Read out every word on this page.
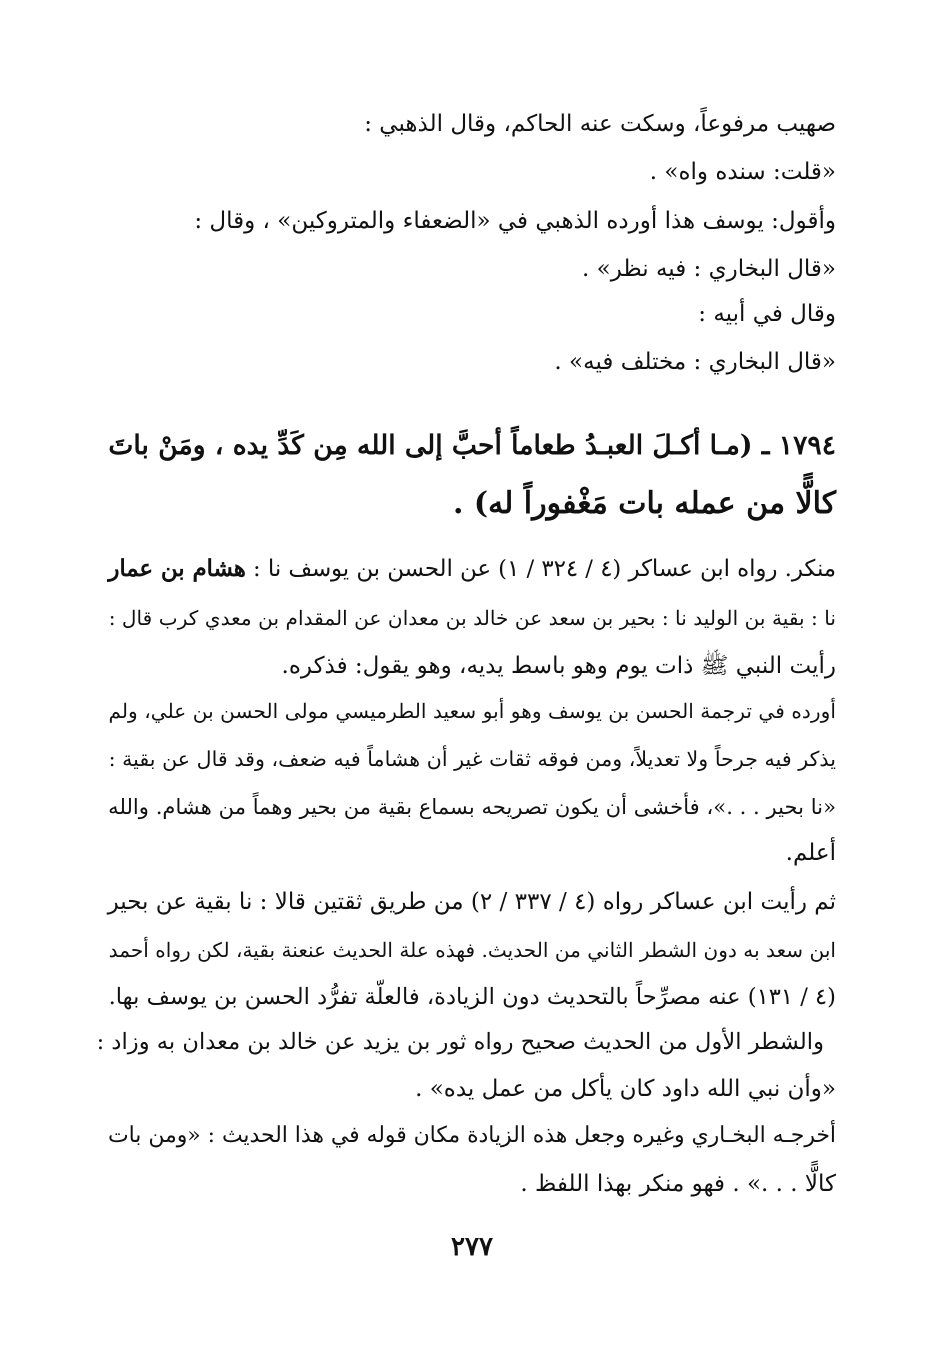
صهيب مرفوعاً، وسكت عنه الحاكم، وقال الذهبي :
«قلت: سنده واه» .
وأقول: يوسف هذا أورده الذهبي في «الضعفاء والمتروكين» ، وقال :
«قال البخاري : فيه نظر» .
وقال في أبيه :
«قال البخاري : مختلف فيه» .
١٧٩٤ ـ (مـا أكـلَ العبـدُ طعاماً أحبَّ إلى الله مِن كَدِّ يده ، ومَنْ باتَ
كالًّا من عمله بات مَغْفوراً له) .
منكر. رواه ابن عساكر (٤ / ٣٢٤ / ١) عن الحسن بن يوسف نا : هشام بن عمار
نا : بقية بن الوليد نا : بحير بن سعد عن خالد بن معدان عن المقدام بن معدي كرب قال :
رأيت النبي ﷺ ذات يوم وهو باسط يديه، وهو يقول: فذكره.
أورده في ترجمة الحسن بن يوسف وهو أبو سعيد الطرميسي مولى الحسن بن علي، ولم
يذكر فيه جرحاً ولا تعديلاً، ومن فوقه ثقات غير أن هشاماً فيه ضعف، وقد قال عن بقية :
«نا بحير . . .»، فأخشى أن يكون تصريحه بسماع بقية من بحير وهماً من هشام. والله
أعلم.
ثم رأيت ابن عساكر رواه (٤ / ٣٣٧ / ٢) من طريق ثقتين قالا : نا بقية عن بحير
ابن سعد به دون الشطر الثاني من الحديث. فهذه علة الحديث عنعنة بقية، لكن رواه أحمد
(٤ / ١٣١) عنه مصرِّحاً بالتحديث دون الزيادة، فالعلّة تفرُّد الحسن بن يوسف بها.
والشطر الأول من الحديث صحيح رواه ثور بن يزيد عن خالد بن معدان به وزاد :
«وأن نبي الله داود كان يأكل من عمل يده» .
أخرجـه البخـاري وغيره وجعل هذه الزيادة مكان قوله في هذا الحديث : «ومن بات
كالًّا . . .» . فهو منكر بهذا اللفظ .
٢٧٧
